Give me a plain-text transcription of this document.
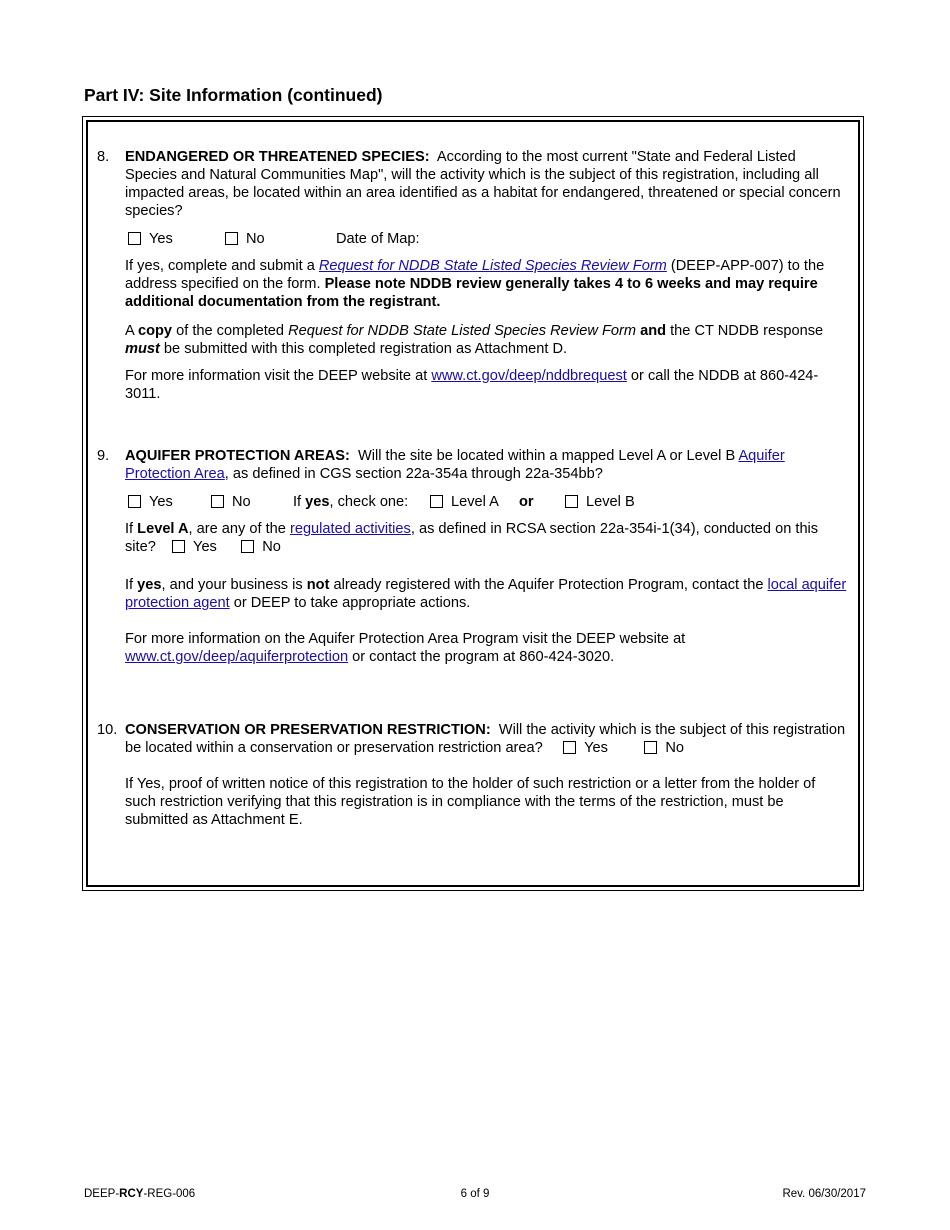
Part IV: Site Information (continued)
8. ENDANGERED OR THREATENED SPECIES: According to the most current "State and Federal Listed Species and Natural Communities Map", will the activity which is the subject of this registration, including all impacted areas, be located within an area identified as a habitat for endangered, threatened or special concern species?

Yes	No	Date of Map:

If yes, complete and submit a Request for NDDB State Listed Species Review Form (DEEP-APP-007) to the address specified on the form. Please note NDDB review generally takes 4 to 6 weeks and may require additional documentation from the registrant.

A copy of the completed Request for NDDB State Listed Species Review Form and the CT NDDB response must be submitted with this completed registration as Attachment D.

For more information visit the DEEP website at www.ct.gov/deep/nddbrequest or call the NDDB at 860-424-3011.

9. AQUIFER PROTECTION AREAS: Will the site be located within a mapped Level A or Level B Aquifer Protection Area, as defined in CGS section 22a-354a through 22a-354bb?

Yes	No	If yes, check one:	Level A or	Level B

If Level A, are any of the regulated activities, as defined in RCSA section 22a-354i-1(34), conducted on this site?	Yes	No

If yes, and your business is not already registered with the Aquifer Protection Program, contact the local aquifer protection agent or DEEP to take appropriate actions.

For more information on the Aquifer Protection Area Program visit the DEEP website at www.ct.gov/deep/aquiferprotection or contact the program at 860-424-3020.

10. CONSERVATION OR PRESERVATION RESTRICTION: Will the activity which is the subject of this registration be located within a conservation or preservation restriction area?	Yes	No

If Yes, proof of written notice of this registration to the holder of such restriction or a letter from the holder of such restriction verifying that this registration is in compliance with the terms of the restriction, must be submitted as Attachment E.

DEEP-RCY-REG-006	6 of 9	Rev. 06/30/2017
